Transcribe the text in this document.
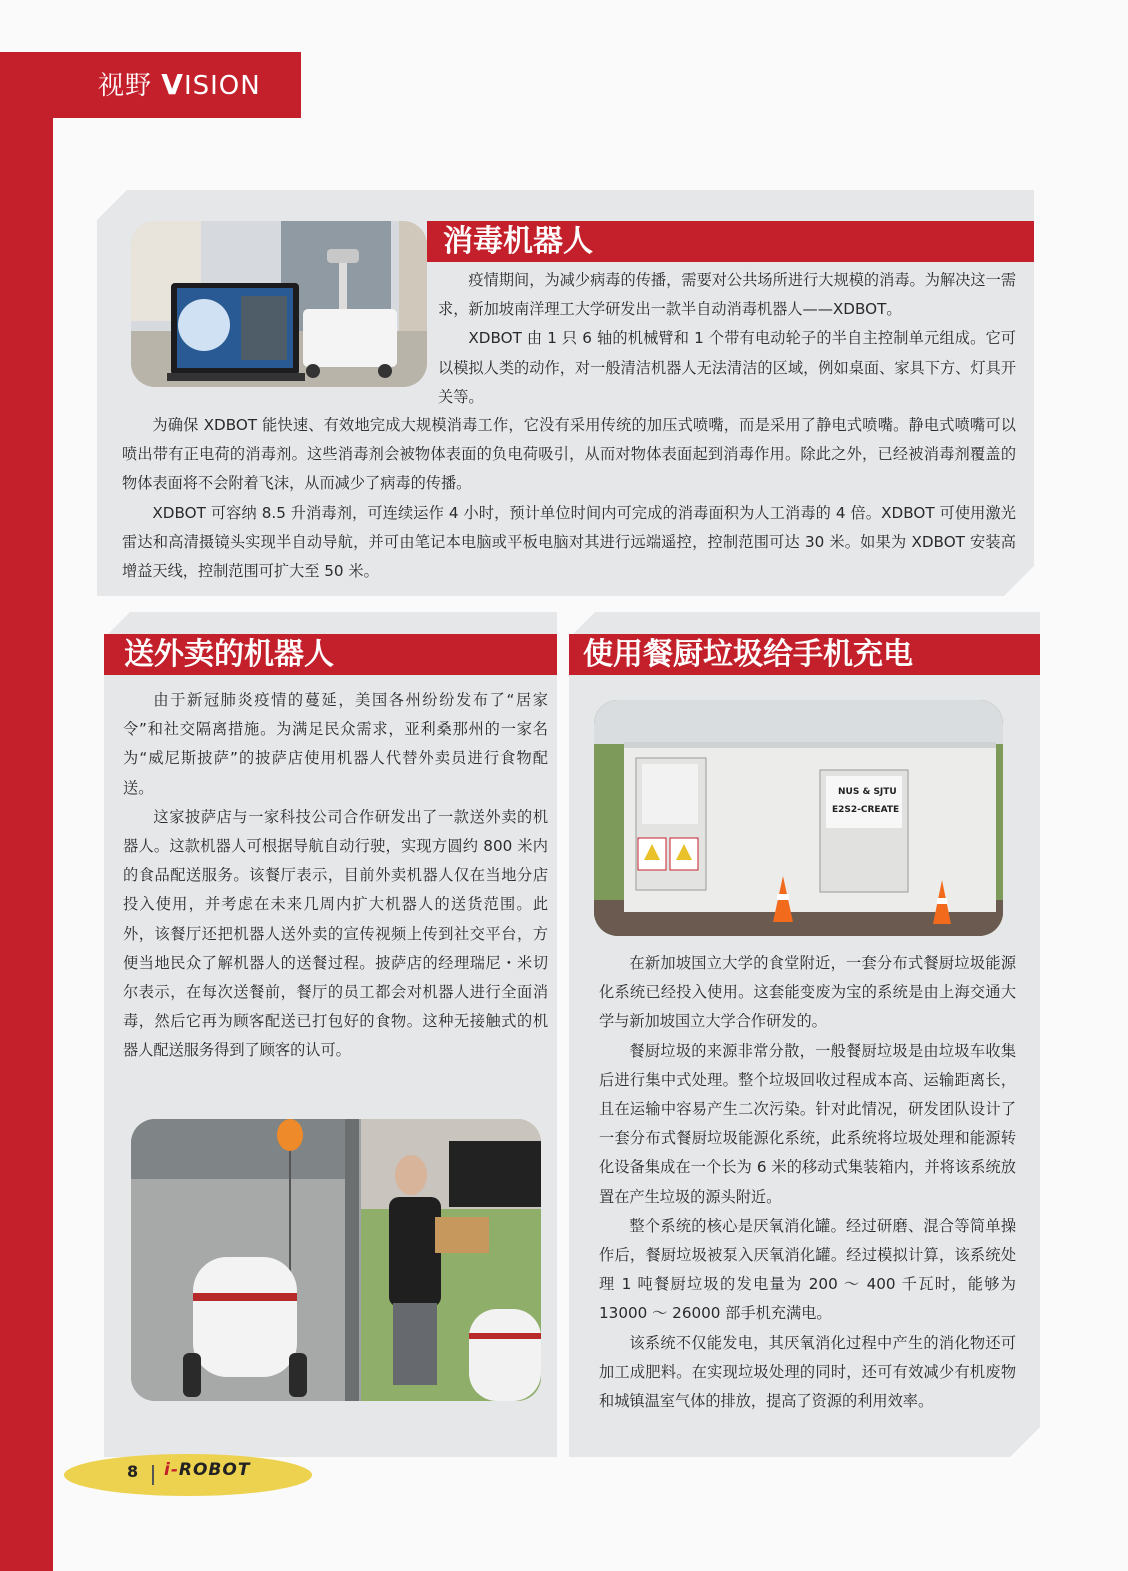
视野 VISION
消毒机器人

疫情期间，为减少病毒的传播，需要对公共场所进行大规模的消毒。为解决这一需求，新加坡南洋理工大学研发出一款半自动消毒机器人——XDBOT。

XDBOT 由 1 只 6 轴的机械臂和 1 个带有电动轮子的半自主控制单元组成。它可以模拟人类的动作，对一般清洁机器人无法清洁的区域，例如桌面、家具下方、灯具开关等。

为确保 XDBOT 能快速、有效地完成大规模消毒工作，它没有采用传统的加压式喷嘴，而是采用了静电式喷嘴。静电式喷嘴可以喷出带有正电荷的消毒剂。这些消毒剂会被物体表面的负电荷吸引，从而对物体表面起到消毒作用。除此之外，已经被消毒剂覆盖的物体表面将不会附着飞沫，从而减少了病毒的传播。

XDBOT 可容纳 8.5 升消毒剂，可连续运作 4 小时，预计单位时间内可完成的消毒面积为人工消毒的 4 倍。XDBOT 可使用激光雷达和高清摄镜头实现半自动导航，并可由笔记本电脑或平板电脑对其进行远端遥控，控制范围可达 30 米。如果为 XDBOT 安装高增益天线，控制范围可扩大至 50 米。

送外卖的机器人

由于新冠肺炎疫情的蔓延，美国各州纷纷发布了“居家令”和社交隔离措施。为满足民众需求，亚利桑那州的一家名为“威尼斯披萨”的披萨店使用机器人代替外卖员进行食物配送。

这家披萨店与一家科技公司合作研发出了一款送外卖的机器人。这款机器人可根据导航自动行驶，实现方圆约 800 米内的食品配送服务。该餐厅表示，目前外卖机器人仅在当地分店投入使用，并考虑在未来几周内扩大机器人的送货范围。此外，该餐厅还把机器人送外卖的宣传视频上传到社交平台，方便当地民众了解机器人的送餐过程。披萨店的经理瑞尼・米切尔表示，在每次送餐前，餐厅的员工都会对机器人进行全面消毒，然后它再为顾客配送已打包好的食物。这种无接触式的机器人配送服务得到了顾客的认可。

使用餐厨垃圾给手机充电
NUS & SJTU
E2S2-CREATE

在新加坡国立大学的食堂附近，一套分布式餐厨垃圾能源化系统已经投入使用。这套能变废为宝的系统是由上海交通大学与新加坡国立大学合作研发的。

餐厨垃圾的来源非常分散，一般餐厨垃圾是由垃圾车收集后进行集中式处理。整个垃圾回收过程成本高、运输距离长，且在运输中容易产生二次污染。针对此情况，研发团队设计了一套分布式餐厨垃圾能源化系统，此系统将垃圾处理和能源转化设备集成在一个长为 6 米的移动式集装箱内，并将该系统放置在产生垃圾的源头附近。

整个系统的核心是厌氧消化罐。经过研磨、混合等简单操作后，餐厨垃圾被泵入厌氧消化罐。经过模拟计算，该系统处理 1 吨餐厨垃圾的发电量为 200 ～ 400 千瓦时，能够为 13000 ～ 26000 部手机充满电。

该系统不仅能发电，其厌氧消化过程中产生的消化物还可加工成肥料。在实现垃圾处理的同时，还可有效减少有机废物和城镇温室气体的排放，提高了资源的利用效率。

8 i-ROBOT
